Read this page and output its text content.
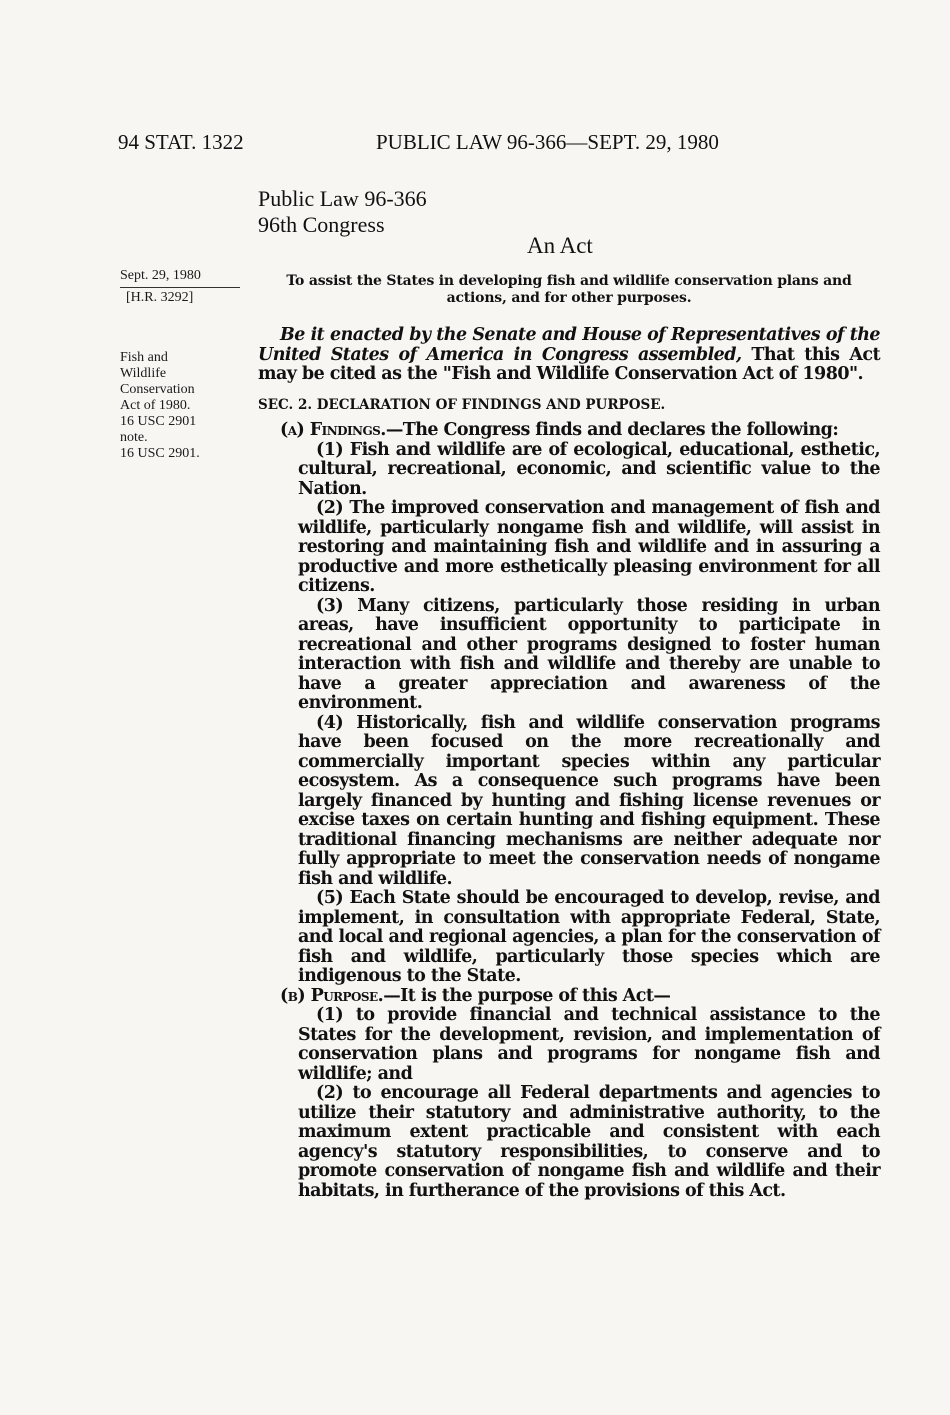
94 STAT. 1322	PUBLIC LAW 96-366—SEPT. 29, 1980
Public Law 96-366
96th Congress
An Act
Sept. 29, 1980
[H.R. 3292]
Fish and
Wildlife
Conservation
Act of 1980.
16 USC 2901
note.
16 USC 2901.
To assist the States in developing fish and wildlife conservation plans and actions, and for other purposes.

Be it enacted by the Senate and House of Representatives of the United States of America in Congress assembled, That this Act may be cited as the "Fish and Wildlife Conservation Act of 1980".

SEC. 2. DECLARATION OF FINDINGS AND PURPOSE.

(a) Findings.—The Congress finds and declares the following:

(1) Fish and wildlife are of ecological, educational, esthetic, cultural, recreational, economic, and scientific value to the Nation.

(2) The improved conservation and management of fish and wildlife, particularly nongame fish and wildlife, will assist in restoring and maintaining fish and wildlife and in assuring a productive and more esthetically pleasing environment for all citizens.

(3) Many citizens, particularly those residing in urban areas, have insufficient opportunity to participate in recreational and other programs designed to foster human interaction with fish and wildlife and thereby are unable to have a greater appreciation and awareness of the environment.

(4) Historically, fish and wildlife conservation programs have been focused on the more recreationally and commercially important species within any particular ecosystem. As a consequence such programs have been largely financed by hunting and fishing license revenues or excise taxes on certain hunting and fishing equipment. These traditional financing mechanisms are neither adequate nor fully appropriate to meet the conservation needs of nongame fish and wildlife.

(5) Each State should be encouraged to develop, revise, and implement, in consultation with appropriate Federal, State, and local and regional agencies, a plan for the conservation of fish and wildlife, particularly those species which are indigenous to the State.

(b) Purpose.—It is the purpose of this Act—

(1) to provide financial and technical assistance to the States for the development, revision, and implementation of conservation plans and programs for nongame fish and wildlife; and

(2) to encourage all Federal departments and agencies to utilize their statutory and administrative authority, to the maximum extent practicable and consistent with each agency's statutory responsibilities, to conserve and to promote conservation of nongame fish and wildlife and their habitats, in furtherance of the provisions of this Act.
